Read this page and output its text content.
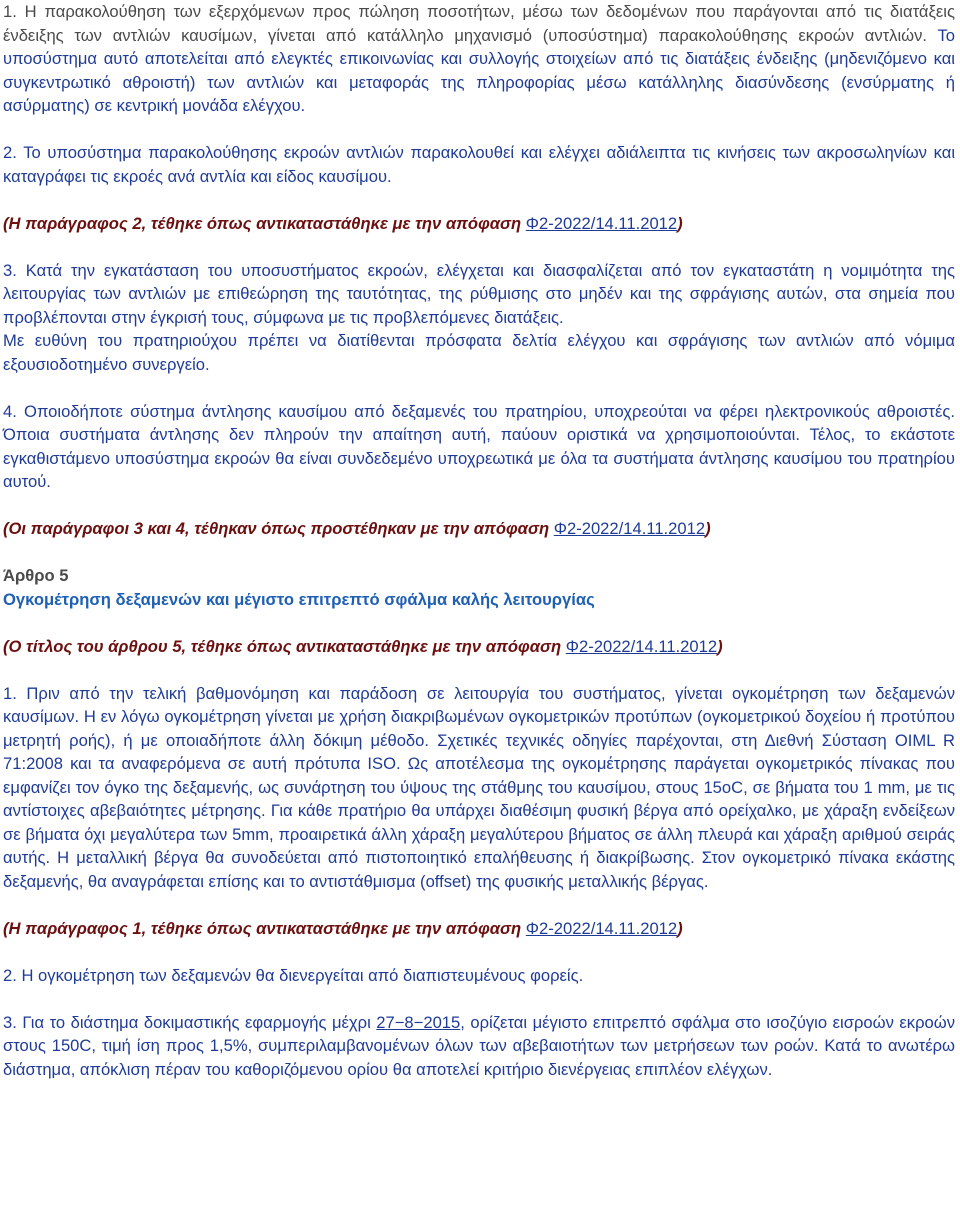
1. Η παρακολούθηση των εξερχόμενων προς πώληση ποσοτήτων, μέσω των δεδομένων που παράγονται από τις διατάξεις ένδειξης των αντλιών καυσίμων, γίνεται από κατάλληλο μηχανισμό (υποσύστημα) παρακολούθησης εκροών αντλιών. Το υποσύστημα αυτό αποτελείται από ελεγκτές επικοινωνίας και συλλογής στοιχείων από τις διατάξεις ένδειξης (μηδενιζόμενο και συγκεντρωτικό αθροιστή) των αντλιών και μεταφοράς της πληροφορίας μέσω κατάλληλης διασύνδεσης (ενσύρματης ή ασύρματης) σε κεντρική μονάδα ελέγχου.

2. Το υποσύστημα παρακολούθησης εκροών αντλιών παρακολουθεί και ελέγχει αδιάλειπτα τις κινήσεις των ακροσωληνίων και καταγράφει τις εκροές ανά αντλία και είδος καυσίμου.

(Η παράγραφος 2, τέθηκε όπως αντικαταστάθηκε με την απόφαση Φ2-2022/14.11.2012)

3. Κατά την εγκατάσταση του υποσυστήματος εκροών, ελέγχεται και διασφαλίζεται από τον εγκαταστάτη η νομιμότητα της λειτουργίας των αντλιών με επιθεώρηση της ταυτότητας, της ρύθμισης στο μηδέν και της σφράγισης αυτών, στα σημεία που προβλέπονται στην έγκρισή τους, σύμφωνα με τις προβλεπόμενες διατάξεις.

Με ευθύνη του πρατηριούχου πρέπει να διατίθενται πρόσφατα δελτία ελέγχου και σφράγισης των αντλιών από νόμιμα εξουσιοδοτημένο συνεργείο.

4. Οποιοδήποτε σύστημα άντλησης καυσίμου από δεξαμενές του πρατηρίου, υποχρεούται να φέρει ηλεκτρονικούς αθροιστές. Όποια συστήματα άντλησης δεν πληρούν την απαίτηση αυτή, παύουν οριστικά να χρησιμοποιούνται. Τέλος, το εκάστοτε εγκαθιστάμενο υποσύστημα εκροών θα είναι συνδεδεμένο υποχρεωτικά με όλα τα συστήματα άντλησης καυσίμου του πρατηρίου αυτού.

(Οι παράγραφοι 3 και 4, τέθηκαν όπως προστέθηκαν με την απόφαση Φ2-2022/14.11.2012)

Άρθρο 5
Ογκομέτρηση δεξαμενών και μέγιστο επιτρεπτό σφάλμα καλής λειτουργίας

(Ο τίτλος του άρθρου 5, τέθηκε όπως αντικαταστάθηκε με την απόφαση Φ2-2022/14.11.2012)

1. Πριν από την τελική βαθμονόμηση και παράδοση σε λειτουργία του συστήματος, γίνεται ογκομέτρηση των δεξαμενών καυσίμων. Η εν λόγω ογκομέτρηση γίνεται με χρήση διακριβωμένων ογκομετρικών προτύπων (ογκομετρικού δοχείου ή προτύπου μετρητή ροής), ή με οποιαδήποτε άλλη δόκιμη μέθοδο. Σχετικές τεχνικές οδηγίες παρέχονται, στη Διεθνή Σύσταση OIML R 71:2008 και τα αναφερόμενα σε αυτή πρότυπα ISO. Ως αποτέλεσμα της ογκομέτρησης παράγεται ογκομετρικός πίνακας που εμφανίζει τον όγκο της δεξαμενής, ως συνάρτηση του ύψους της στάθμης του καυσίμου, στους 15oC, σε βήματα του 1 mm, με τις αντίστοιχες αβεβαιότητες μέτρησης. Για κάθε πρατήριο θα υπάρχει διαθέσιμη φυσική βέργα από ορείχαλκο, με χάραξη ενδείξεων σε βήματα όχι μεγαλύτερα των 5mm, προαιρετικά άλλη χάραξη μεγαλύτερου βήματος σε άλλη πλευρά και χάραξη αριθμού σειράς αυτής. Η μεταλλική βέργα θα συνοδεύεται από πιστοποιητικό επαλήθευσης ή διακρίβωσης. Στον ογκομετρικό πίνακα εκάστης δεξαμενής, θα αναγράφεται επίσης και το αντιστάθμισμα (offset) της φυσικής μεταλλικής βέργας.

(Η παράγραφος 1, τέθηκε όπως αντικαταστάθηκε με την απόφαση Φ2-2022/14.11.2012)

2. Η ογκομέτρηση των δεξαμενών θα διενεργείται από διαπιστευμένους φορείς.

3. Για το διάστημα δοκιμαστικής εφαρμογής μέχρι 27−8−2015, ορίζεται μέγιστο επιτρεπτό σφάλμα στο ισοζύγιο εισροών εκροών στους 150C, τιμή ίση προς 1,5%, συμπεριλαμβανομένων όλων των αβεβαιοτήτων των μετρήσεων των ροών. Κατά το ανωτέρω διάστημα, απόκλιση πέραν του καθοριζόμενου ορίου θα αποτελεί κριτήριο διενέργειας επιπλέον ελέγχων.
